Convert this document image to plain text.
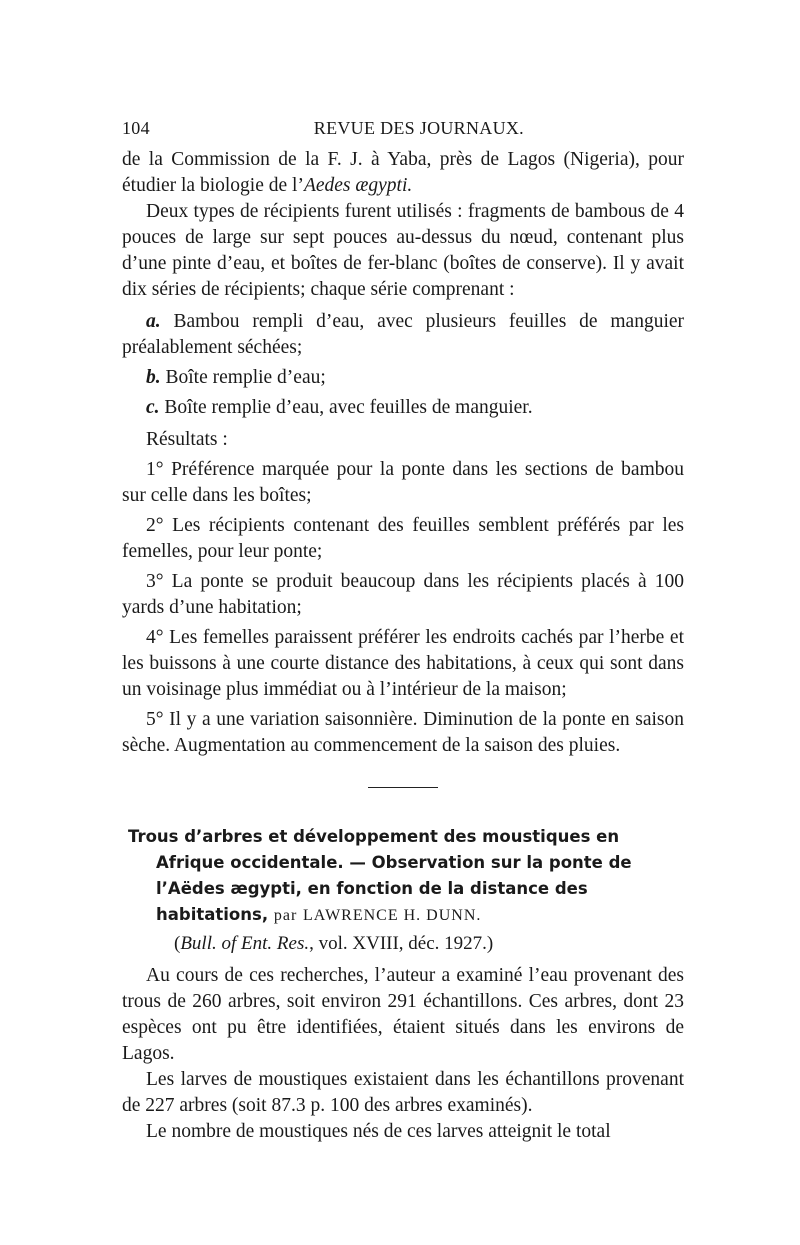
104	REVUE DES JOURNAUX.

de la Commission de la F. J. à Yaba, près de Lagos (Nigeria), pour étudier la biologie de l’Aedes ægypti.

Deux types de récipients furent utilisés : fragments de bambous de 4 pouces de large sur sept pouces au-dessus du nœud, contenant plus d’une pinte d’eau, et boîtes de fer-blanc (boîtes de conserve). Il y avait dix séries de récipients; chaque série comprenant :

a. Bambou rempli d’eau, avec plusieurs feuilles de manguier préalablement séchées;

b. Boîte remplie d’eau;

c. Boîte remplie d’eau, avec feuilles de manguier.

Résultats :

1° Préférence marquée pour la ponte dans les sections de bambou sur celle dans les boîtes;

2° Les récipients contenant des feuilles semblent préférés par les femelles, pour leur ponte;

3° La ponte se produit beaucoup dans les récipients placés à 100 yards d’une habitation;

4° Les femelles paraissent préférer les endroits cachés par l’herbe et les buissons à une courte distance des habitations, à ceux qui sont dans un voisinage plus immédiat ou à l’intérieur de la maison;

5° Il y a une variation saisonnière. Diminution de la ponte en saison sèche. Augmentation au commencement de la saison des pluies.

Trous d’arbres et développement des moustiques en Afrique occidentale. — Observation sur la ponte de l’Aëdes ægypti, en fonction de la distance des habitations, par LAWRENCE H. DUNN.

(Bull. of Ent. Res., vol. XVIII, déc. 1927.)

Au cours de ces recherches, l’auteur a examiné l’eau provenant des trous de 260 arbres, soit environ 291 échantillons. Ces arbres, dont 23 espèces ont pu être identifiées, étaient situés dans les environs de Lagos.

Les larves de moustiques existaient dans les échantillons provenant de 227 arbres (soit 87.3 p. 100 des arbres examinés).

Le nombre de moustiques nés de ces larves atteignit le total
